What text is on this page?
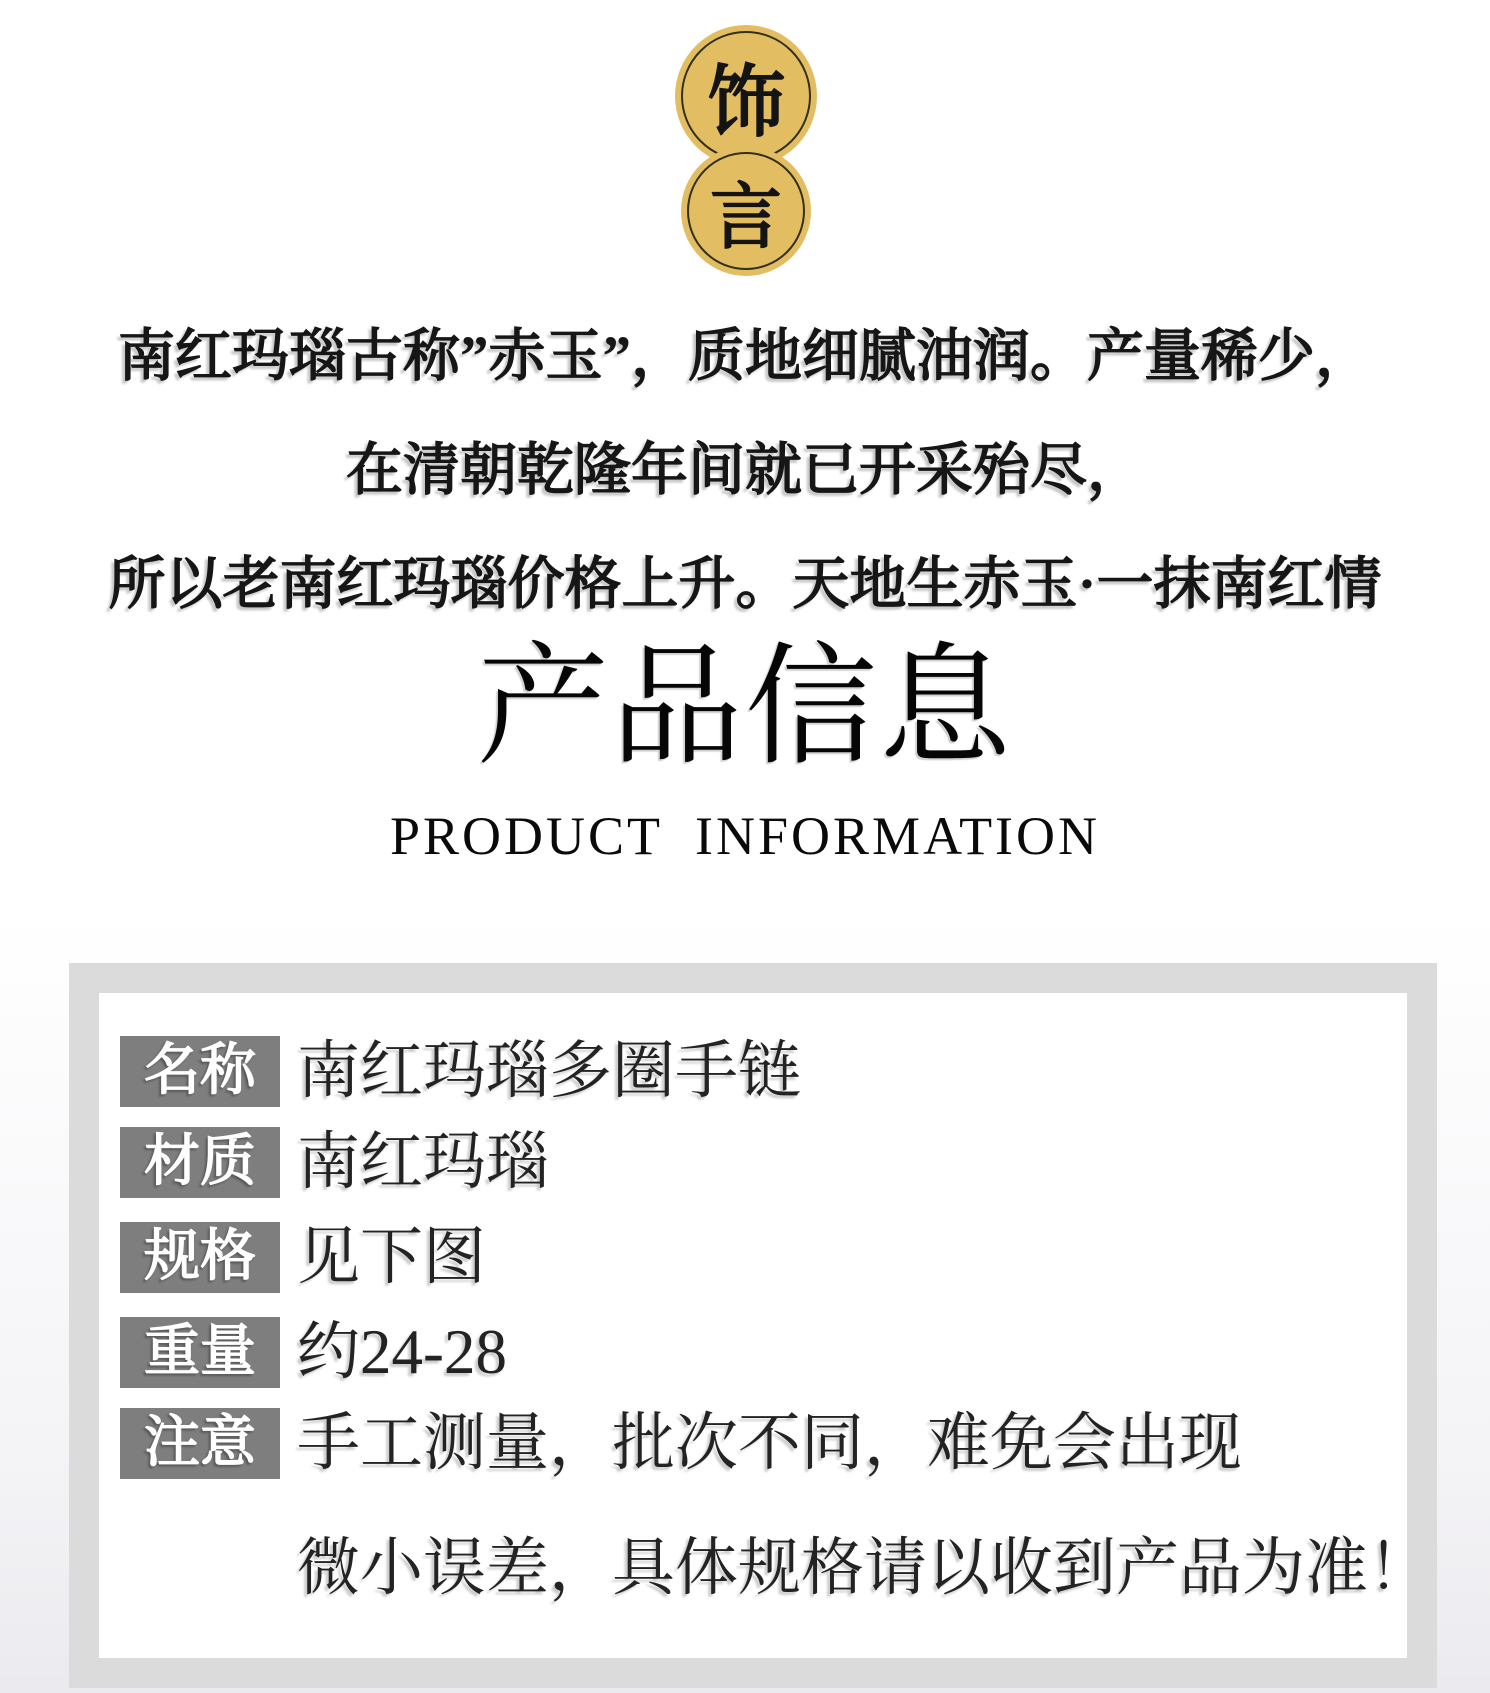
饰
言
南红玛瑙古称”赤玉”，质地细腻油润。产量稀少，
在清朝乾隆年间就已开采殆尽，
所以老南红玛瑙价格上升。天地生赤玉·一抹南红情
产品信息
PRODUCT  INFORMATION
名称 南红玛瑙多圈手链
材质 南红玛瑙
规格 见下图
重量 约24-28
注意 手工测量，批次不同，难免会出现
微小误差，具体规格请以收到产品为准！
